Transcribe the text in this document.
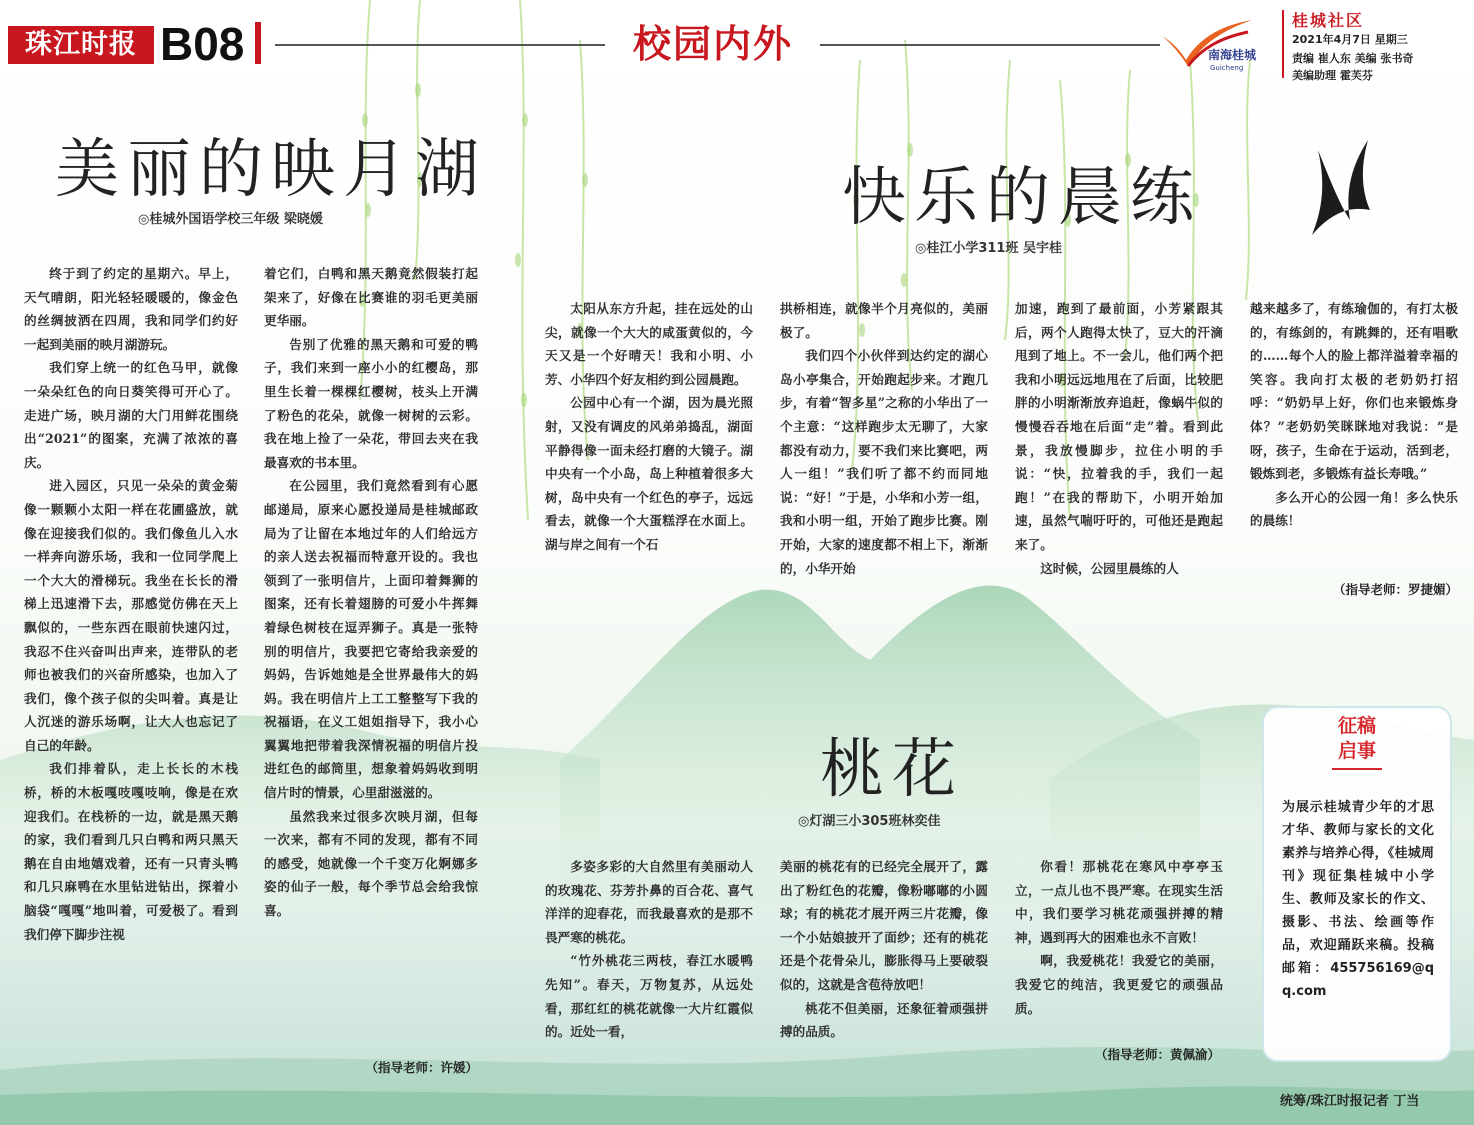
珠江时报 B08	校园内外	南海桂城
Guicheng
桂城社区
2021年4月7日 星期三
责编 崔人东 美编 张书奇
美编助理 霍芙芬
美丽的映月湖
◎桂城外国语学校三年级 梁晓媛

终于到了约定的星期六。早上，天气晴朗，阳光轻轻暖暖的，像金色的丝绸披洒在四周，我和同学们约好一起到美丽的映月湖游玩。

我们穿上统一的红色马甲，就像一朵朵红色的向日葵笑得可开心了。走进广场，映月湖的大门用鲜花围绕出“2021”的图案，充满了浓浓的喜庆。

进入园区，只见一朵朵的黄金菊像一颗颗小太阳一样在花圃盛放，就像在迎接我们似的。我们像鱼儿入水一样奔向游乐场，我和一位同学爬上一个大大的滑梯玩。我坐在长长的滑梯上迅速滑下去，那感觉仿佛在天上飘似的，一些东西在眼前快速闪过，我忍不住兴奋叫出声来，连带队的老师也被我们的兴奋所感染，也加入了我们，像个孩子似的尖叫着。真是让人沉迷的游乐场啊，让大人也忘记了自己的年龄。

我们排着队，走上长长的木栈桥，桥的木板嘎吱嘎吱响，像是在欢迎我们。在栈桥的一边，就是黑天鹅的家，我们看到几只白鸭和两只黑天鹅在自由地嬉戏着，还有一只青头鸭和几只麻鸭在水里钻进钻出，探着小脑袋“嘎嘎”地叫着，可爱极了。看到我们停下脚步注视

着它们，白鸭和黑天鹅竟然假装打起架来了，好像在比赛谁的羽毛更美丽更华丽。

告别了优雅的黑天鹅和可爱的鸭子，我们来到一座小小的红樱岛，那里生长着一棵棵红樱树，枝头上开满了粉色的花朵，就像一树树的云彩。我在地上捡了一朵花，带回去夹在我最喜欢的书本里。

在公园里，我们竟然看到有心愿邮递局，原来心愿投递局是桂城邮政局为了让留在本地过年的人们给远方的亲人送去祝福而特意开设的。我也领到了一张明信片，上面印着舞狮的图案，还有长着翅膀的可爱小牛挥舞着绿色树枝在逗弄狮子。真是一张特别的明信片，我要把它寄给我亲爱的妈妈，告诉她她是全世界最伟大的妈妈。我在明信片上工工整整写下我的祝福语，在义工姐姐指导下，我小心翼翼地把带着我深情祝福的明信片投进红色的邮筒里，想象着妈妈收到明信片时的情景，心里甜滋滋的。

虽然我来过很多次映月湖，但每一次来，都有不同的发现，都有不同的感受，她就像一个千变万化婀娜多姿的仙子一般，每个季节总会给我惊喜。

（指导老师：许媛）
快乐的晨练
◎桂江小学311班 吴宇桂

太阳从东方升起，挂在远处的山尖，就像一个大大的咸蛋黄似的，今天又是一个好晴天！我和小明、小芳、小华四个好友相约到公园晨跑。

公园中心有一个湖，因为晨光照射，又没有调皮的风弟弟捣乱，湖面平静得像一面未经打磨的大镜子。湖中央有一个小岛，岛上种植着很多大树，岛中央有一个红色的亭子，远远看去，就像一个大蛋糕浮在水面上。湖与岸之间有一个石

拱桥相连，就像半个月亮似的，美丽极了。

我们四个小伙伴到达约定的湖心岛小亭集合，开始跑起步来。才跑几步，有着“智多星”之称的小华出了一个主意：“这样跑步太无聊了，大家都没有动力，要不我们来比赛吧，两人一组！”我们听了都不约而同地说：“好！”于是，小华和小芳一组，我和小明一组，开始了跑步比赛。刚开始，大家的速度都不相上下，渐渐的，小华开始

加速，跑到了最前面，小芳紧跟其后，两个人跑得太快了，豆大的汗滴甩到了地上。不一会儿，他们两个把我和小明远远地甩在了后面，比较肥胖的小明渐渐放弃追赶，像蜗牛似的慢慢吞吞地在后面“走”着。看到此景，我放慢脚步，拉住小明的手说：“快，拉着我的手，我们一起跑！”在我的帮助下，小明开始加速，虽然气喘吁吁的，可他还是跑起来了。

这时候，公园里晨练的人

越来越多了，有练瑜伽的，有打太极的，有练剑的，有跳舞的，还有唱歌的……每个人的脸上都洋溢着幸福的笑容。我向打太极的老奶奶打招呼：“奶奶早上好，你们也来锻炼身体？”老奶奶笑眯眯地对我说：“是呀，孩子，生命在于运动，活到老，锻炼到老，多锻炼有益长寿哦。”

多么开心的公园一角！多么快乐的晨练！

（指导老师：罗捷媚）
桃花
◎灯湖三小305班林奕佳

多姿多彩的大自然里有美丽动人的玫瑰花、芬芳扑鼻的百合花、喜气洋洋的迎春花，而我最喜欢的是那不畏严寒的桃花。

“竹外桃花三两枝，春江水暖鸭先知”。春天，万物复苏，从远处看，那红红的桃花就像一大片红霞似的。近处一看，

美丽的桃花有的已经完全展开了，露出了粉红色的花瓣，像粉嘟嘟的小圆球；有的桃花才展开两三片花瓣，像一个小姑娘披开了面纱；还有的桃花还是个花骨朵儿，膨胀得马上要破裂似的，这就是含苞待放吧！

桃花不但美丽，还象征着顽强拼搏的品质。

你看！那桃花在寒风中亭亭玉立，一点儿也不畏严寒。在现实生活中，我们要学习桃花顽强拼搏的精神，遇到再大的困难也永不言败！

啊，我爱桃花！我爱它的美丽，我爱它的纯洁，我更爱它的顽强品质。

（指导老师：黄佩渝）
征稿
启事
为展示桂城青少年的才思才华、教师与家长的文化素养与培养心得，《桂城周刊》现征集桂城中小学生、教师及家长的作文、摄影、书法、绘画等作品，欢迎踊跃来稿。投稿邮箱：455756169@qq.com
统筹/珠江时报记者 丁当
